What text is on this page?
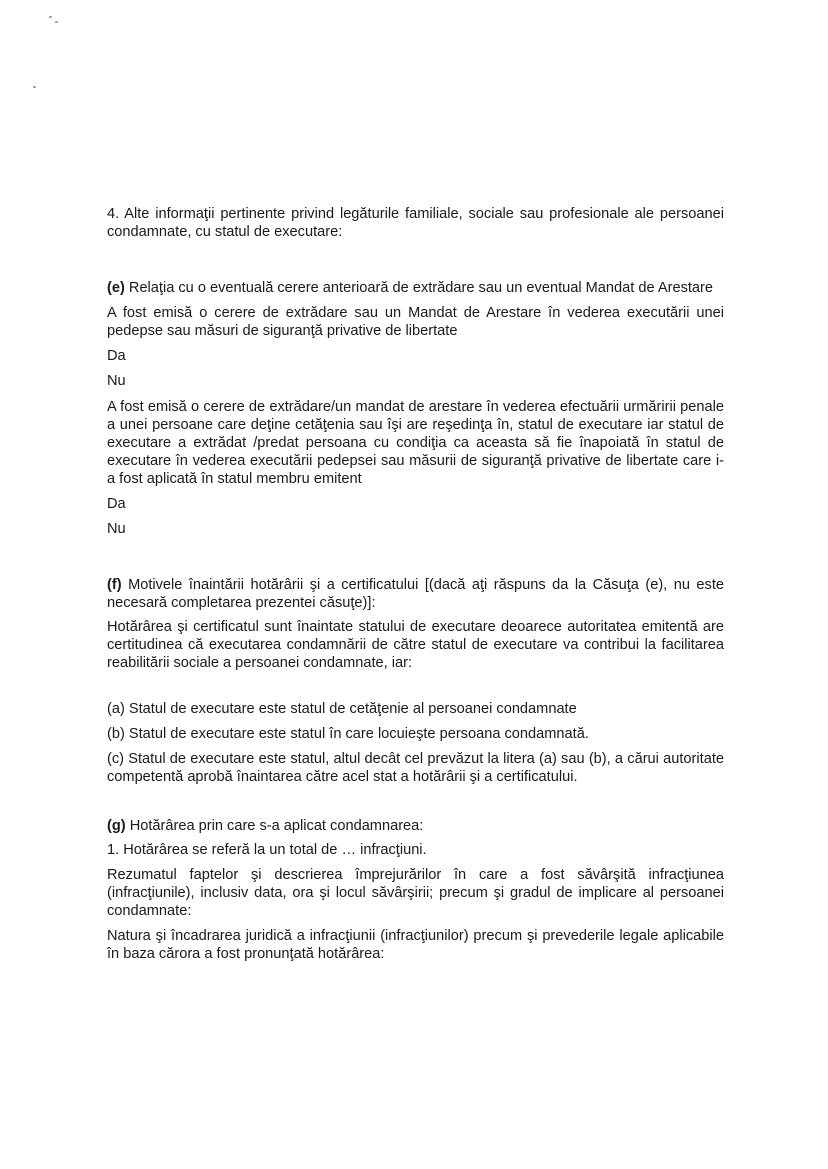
4. Alte informaţii pertinente privind legăturile familiale, sociale sau profesionale ale persoanei condamnate, cu statul de executare:

(e) Relaţia cu o eventuală cerere anterioară de extrădare sau un eventual Mandat de Arestare

A fost emisă o cerere de extrădare sau un Mandat de Arestare în vederea executării unei pedepse sau măsuri de siguranţă privative de libertate

Da

Nu

A fost emisă o cerere de extrădare/un mandat de arestare în vederea efectuării urmăririi penale a unei persoane care deţine cetăţenia sau îşi are reşedinţa în, statul de executare iar statul de executare a extrădat /predat persoana cu condiţia ca aceasta să fie înapoiată în statul de executare în vederea executării pedepsei sau măsurii de siguranţă privative de libertate care i-a fost aplicată în statul membru emitent

Da

Nu

(f) Motivele înaintării hotărârii şi a certificatului [(dacă aţi răspuns da la Căsuţa (e), nu este necesară completarea prezentei căsuţe)]:

Hotărârea şi certificatul sunt înaintate statului de executare deoarece autoritatea emitentă are certitudinea că executarea condamnării de către statul de executare va contribui la facilitarea reabilitării sociale a persoanei condamnate, iar:

(a) Statul de executare este statul de cetăţenie al persoanei condamnate

(b) Statul de executare este statul în care locuieşte persoana condamnată.

(c) Statul de executare este statul, altul decât cel prevăzut la litera (a) sau (b), a cărui autoritate competentă aprobă înaintarea către acel stat a hotărârii şi a certificatului.

(g) Hotărârea prin care s-a aplicat condamnarea:

1. Hotărârea se referă la un total de … infracţiuni.

Rezumatul faptelor şi descrierea împrejurărilor în care a fost săvârşită infracţiunea (infracţiunile), inclusiv data, ora şi locul săvârşirii; precum şi gradul de implicare al persoanei condamnate:

Natura şi încadrarea juridică a infracţiunii (infracţiunilor) precum şi prevederile legale aplicabile în baza cărora a fost pronunţată hotărârea:
